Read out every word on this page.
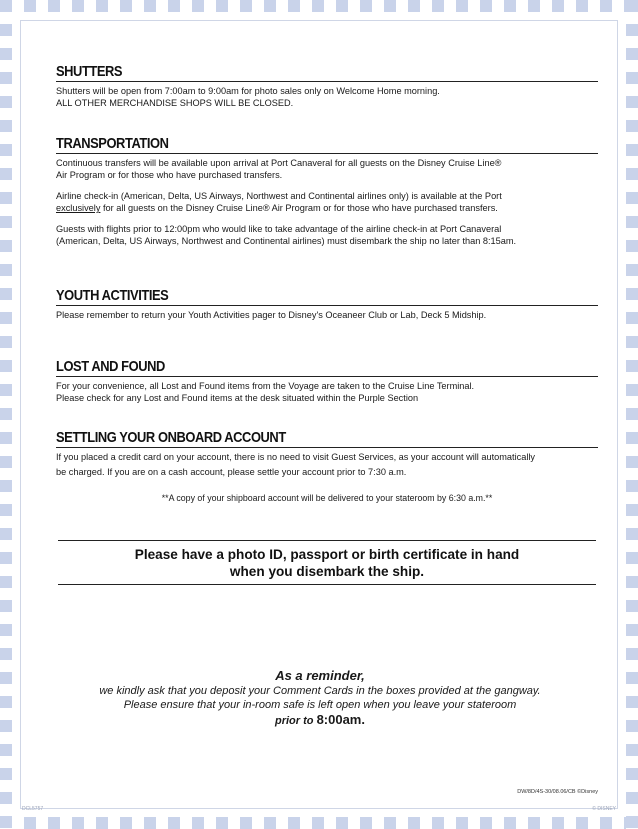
SHUTTERS
Shutters will be open from 7:00am to 9:00am for photo sales only on Welcome Home morning.
ALL OTHER MERCHANDISE SHOPS WILL BE CLOSED.
TRANSPORTATION
Continuous transfers will be available upon arrival at Port Canaveral for all guests on the Disney Cruise Line®
Air Program or for those who have purchased transfers.
Airline check-in (American, Delta, US Airways, Northwest and Continental airlines only) is available at the Port
exclusively for all guests on the Disney Cruise Line® Air Program or for those who have purchased transfers.
Guests with flights prior to 12:00pm who would like to take advantage of the airline check-in at Port Canaveral
(American, Delta, US Airways, Northwest and Continental airlines) must disembark the ship no later than 8:15am.
YOUTH ACTIVITIES
Please remember to return your Youth Activities pager to Disney's Oceaneer Club or Lab, Deck 5 Midship.
LOST AND FOUND
For your convenience, all Lost and Found items from the Voyage are taken to the Cruise Line Terminal.
Please check for any Lost and Found items at the desk situated within the Purple Section
SETTLING YOUR ONBOARD ACCOUNT
If you placed a credit card on your account, there is no need to visit Guest Services, as your account will automatically
be charged. If you are on a cash account, please settle your account prior to 7:30 a.m.
**A copy of your shipboard account will be delivered to your stateroom by 6:30 a.m.**
Please have a photo ID, passport or birth certificate in hand
when you disembark the ship.
As a reminder,
we kindly ask that you deposit your Comment Cards in the boxes provided at the gangway.
Please ensure that your in-room safe is left open when you leave your stateroom
prior to 8:00am.
DW/8D/4S-30/08.06/CB ©Disney
DCL5757	© DISNEY
